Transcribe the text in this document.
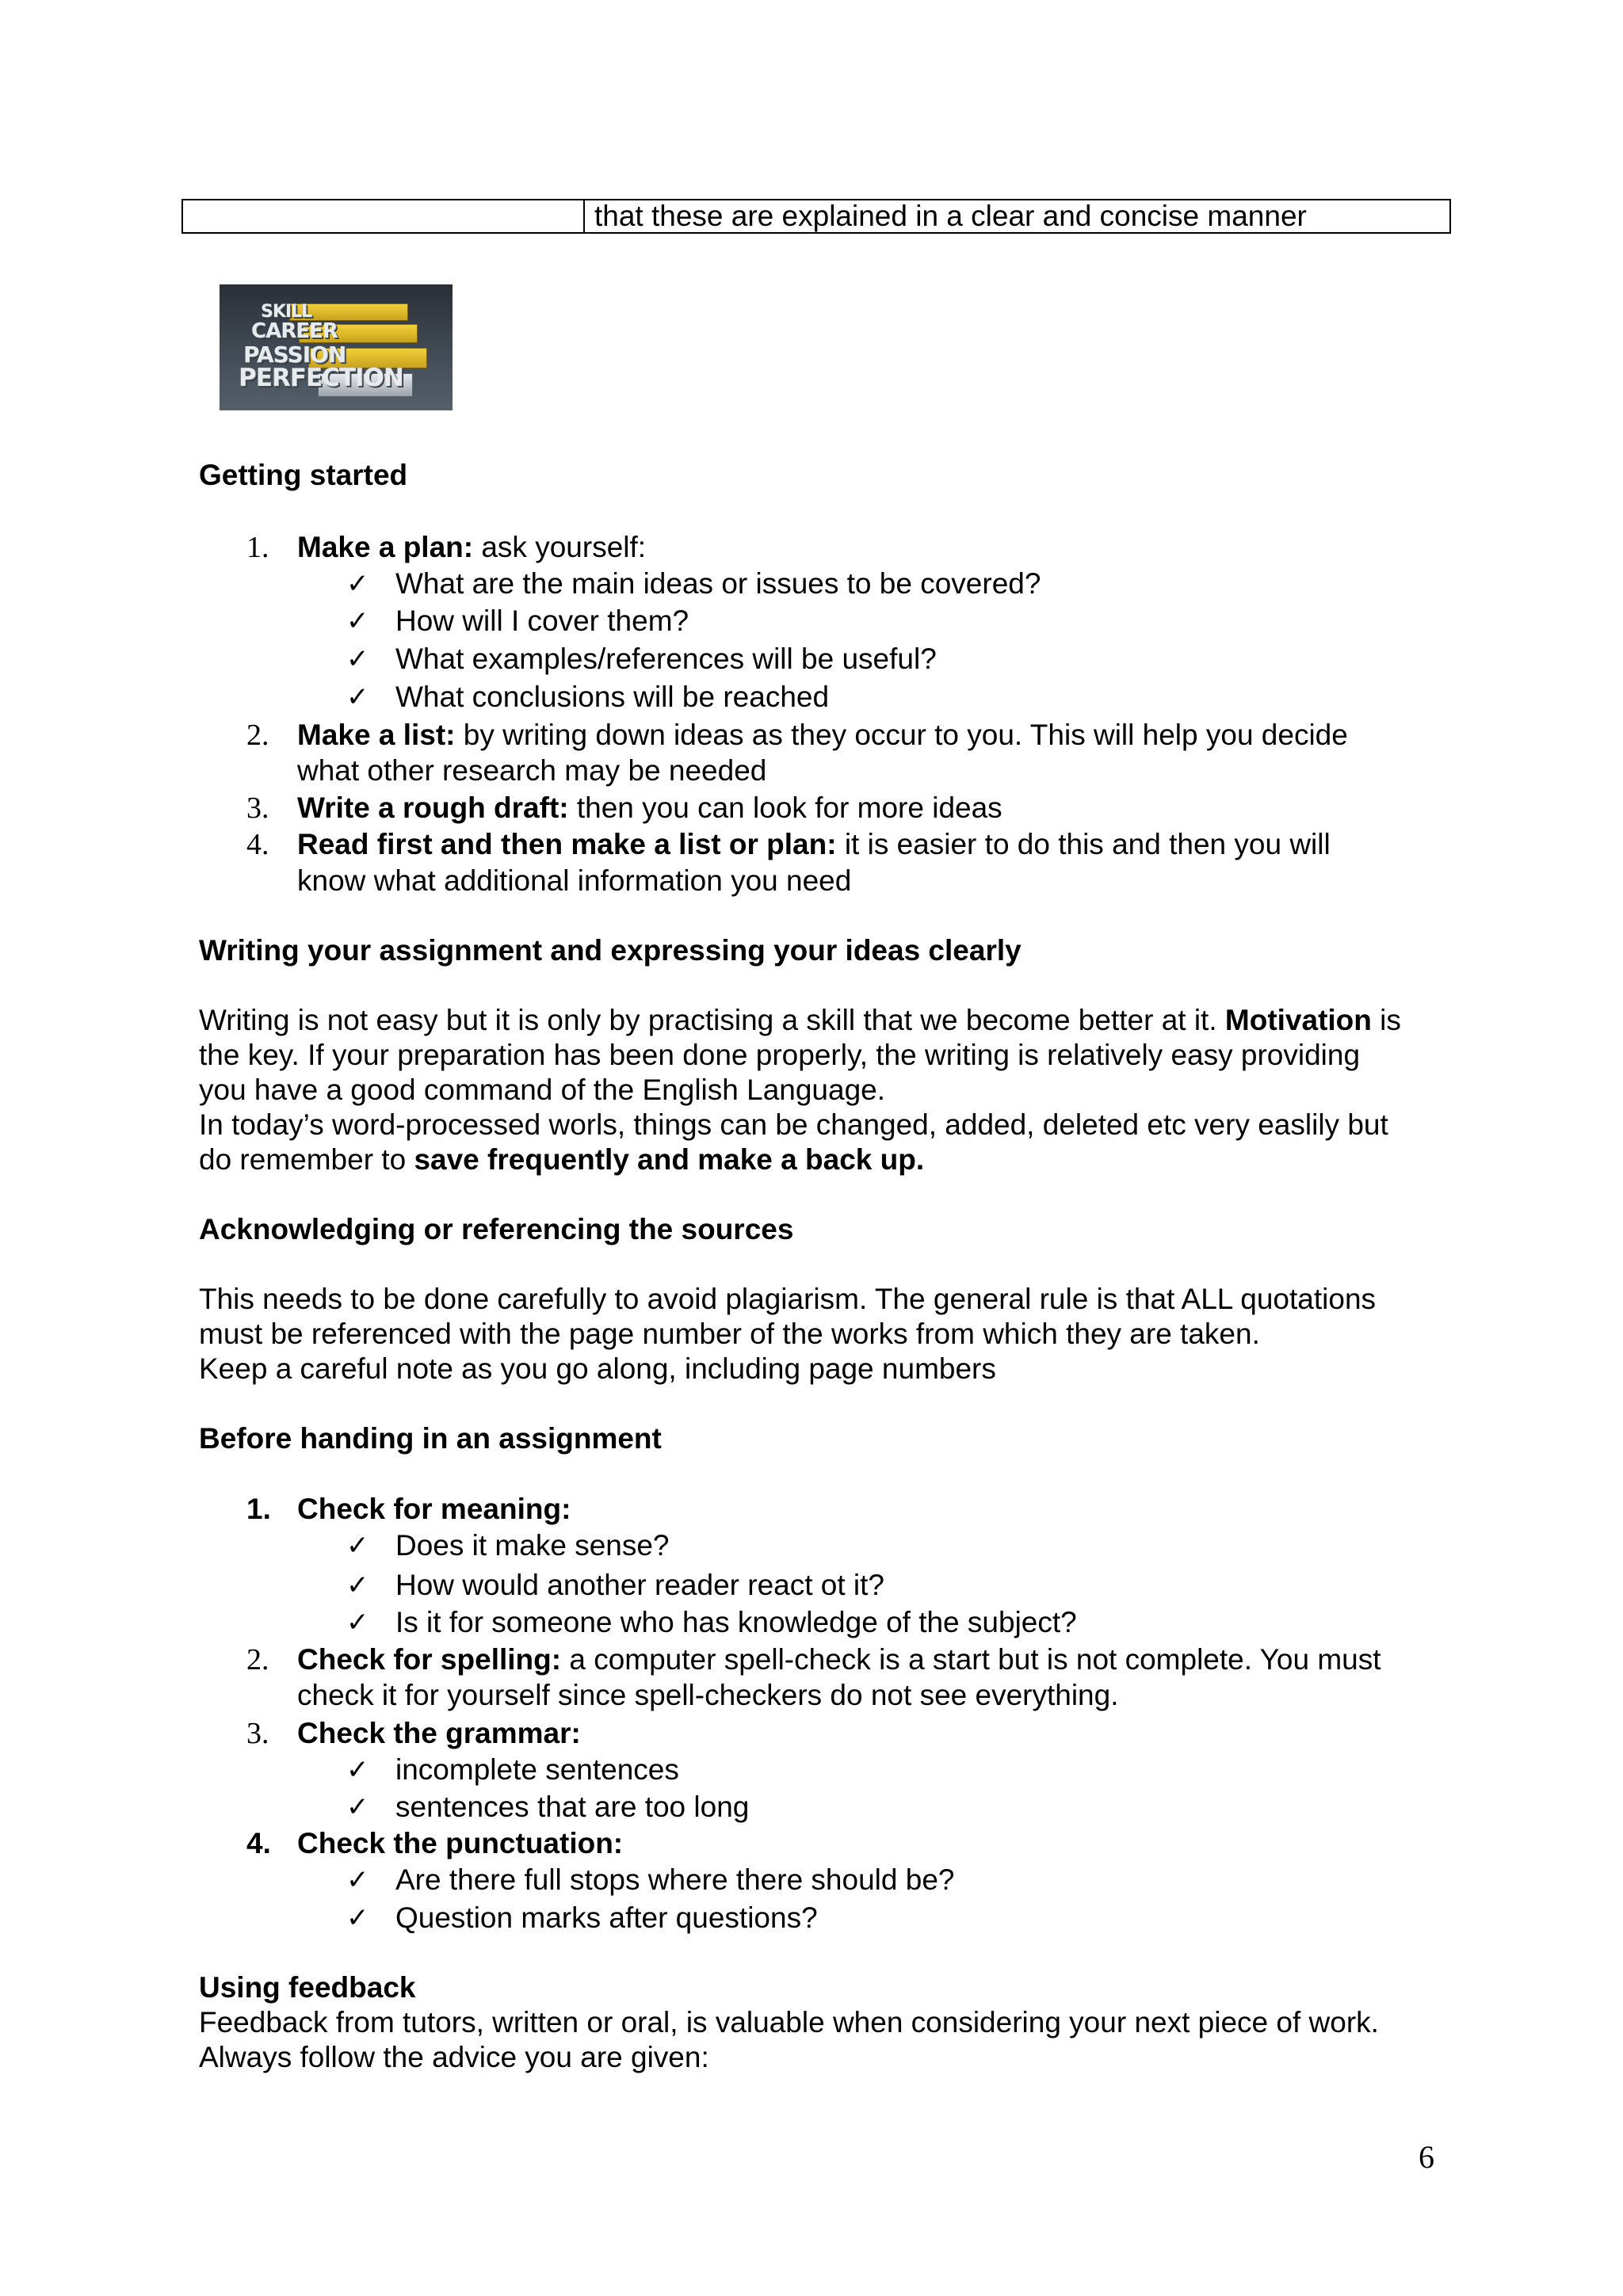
that these are explained in a clear and concise manner
SKILL
CAREER
PASSION
PERFECTION
Getting started
1. Make a plan: ask yourself:
✓ What are the main ideas or issues to be covered?
✓ How will I cover them?
✓ What examples/references will be useful?
✓ What conclusions will be reached
2. Make a list: by writing down ideas as they occur to you. This will help you decide
what other research may be needed
3. Write a rough draft: then you can look for more ideas
4. Read first and then make a list or plan: it is easier to do this and then you will
know what additional information you need
Writing your assignment and expressing your ideas clearly
Writing is not easy but it is only by practising a skill that we become better at it. Motivation is
the key. If your preparation has been done properly, the writing is relatively easy providing
you have a good command of the English Language.
In today’s word-processed worls, things can be changed, added, deleted etc very easlily but
do remember to save frequently and make a back up.
Acknowledging or referencing the sources
This needs to be done carefully to avoid plagiarism. The general rule is that ALL quotations
must be referenced with the page number of the works from which they are taken.
Keep a careful note as you go along, including page numbers
Before handing in an assignment
1. Check for meaning:
✓ Does it make sense?
✓ How would another reader react ot it?
✓ Is it for someone who has knowledge of the subject?
2. Check for spelling: a computer spell-check is a start but is not complete. You must
check it for yourself since spell-checkers do not see everything.
3. Check the grammar:
✓ incomplete sentences
✓ sentences that are too long
4. Check the punctuation:
✓ Are there full stops where there should be?
✓ Question marks after questions?
Using feedback
Feedback from tutors, written or oral, is valuable when considering your next piece of work.
Always follow the advice you are given:
6
